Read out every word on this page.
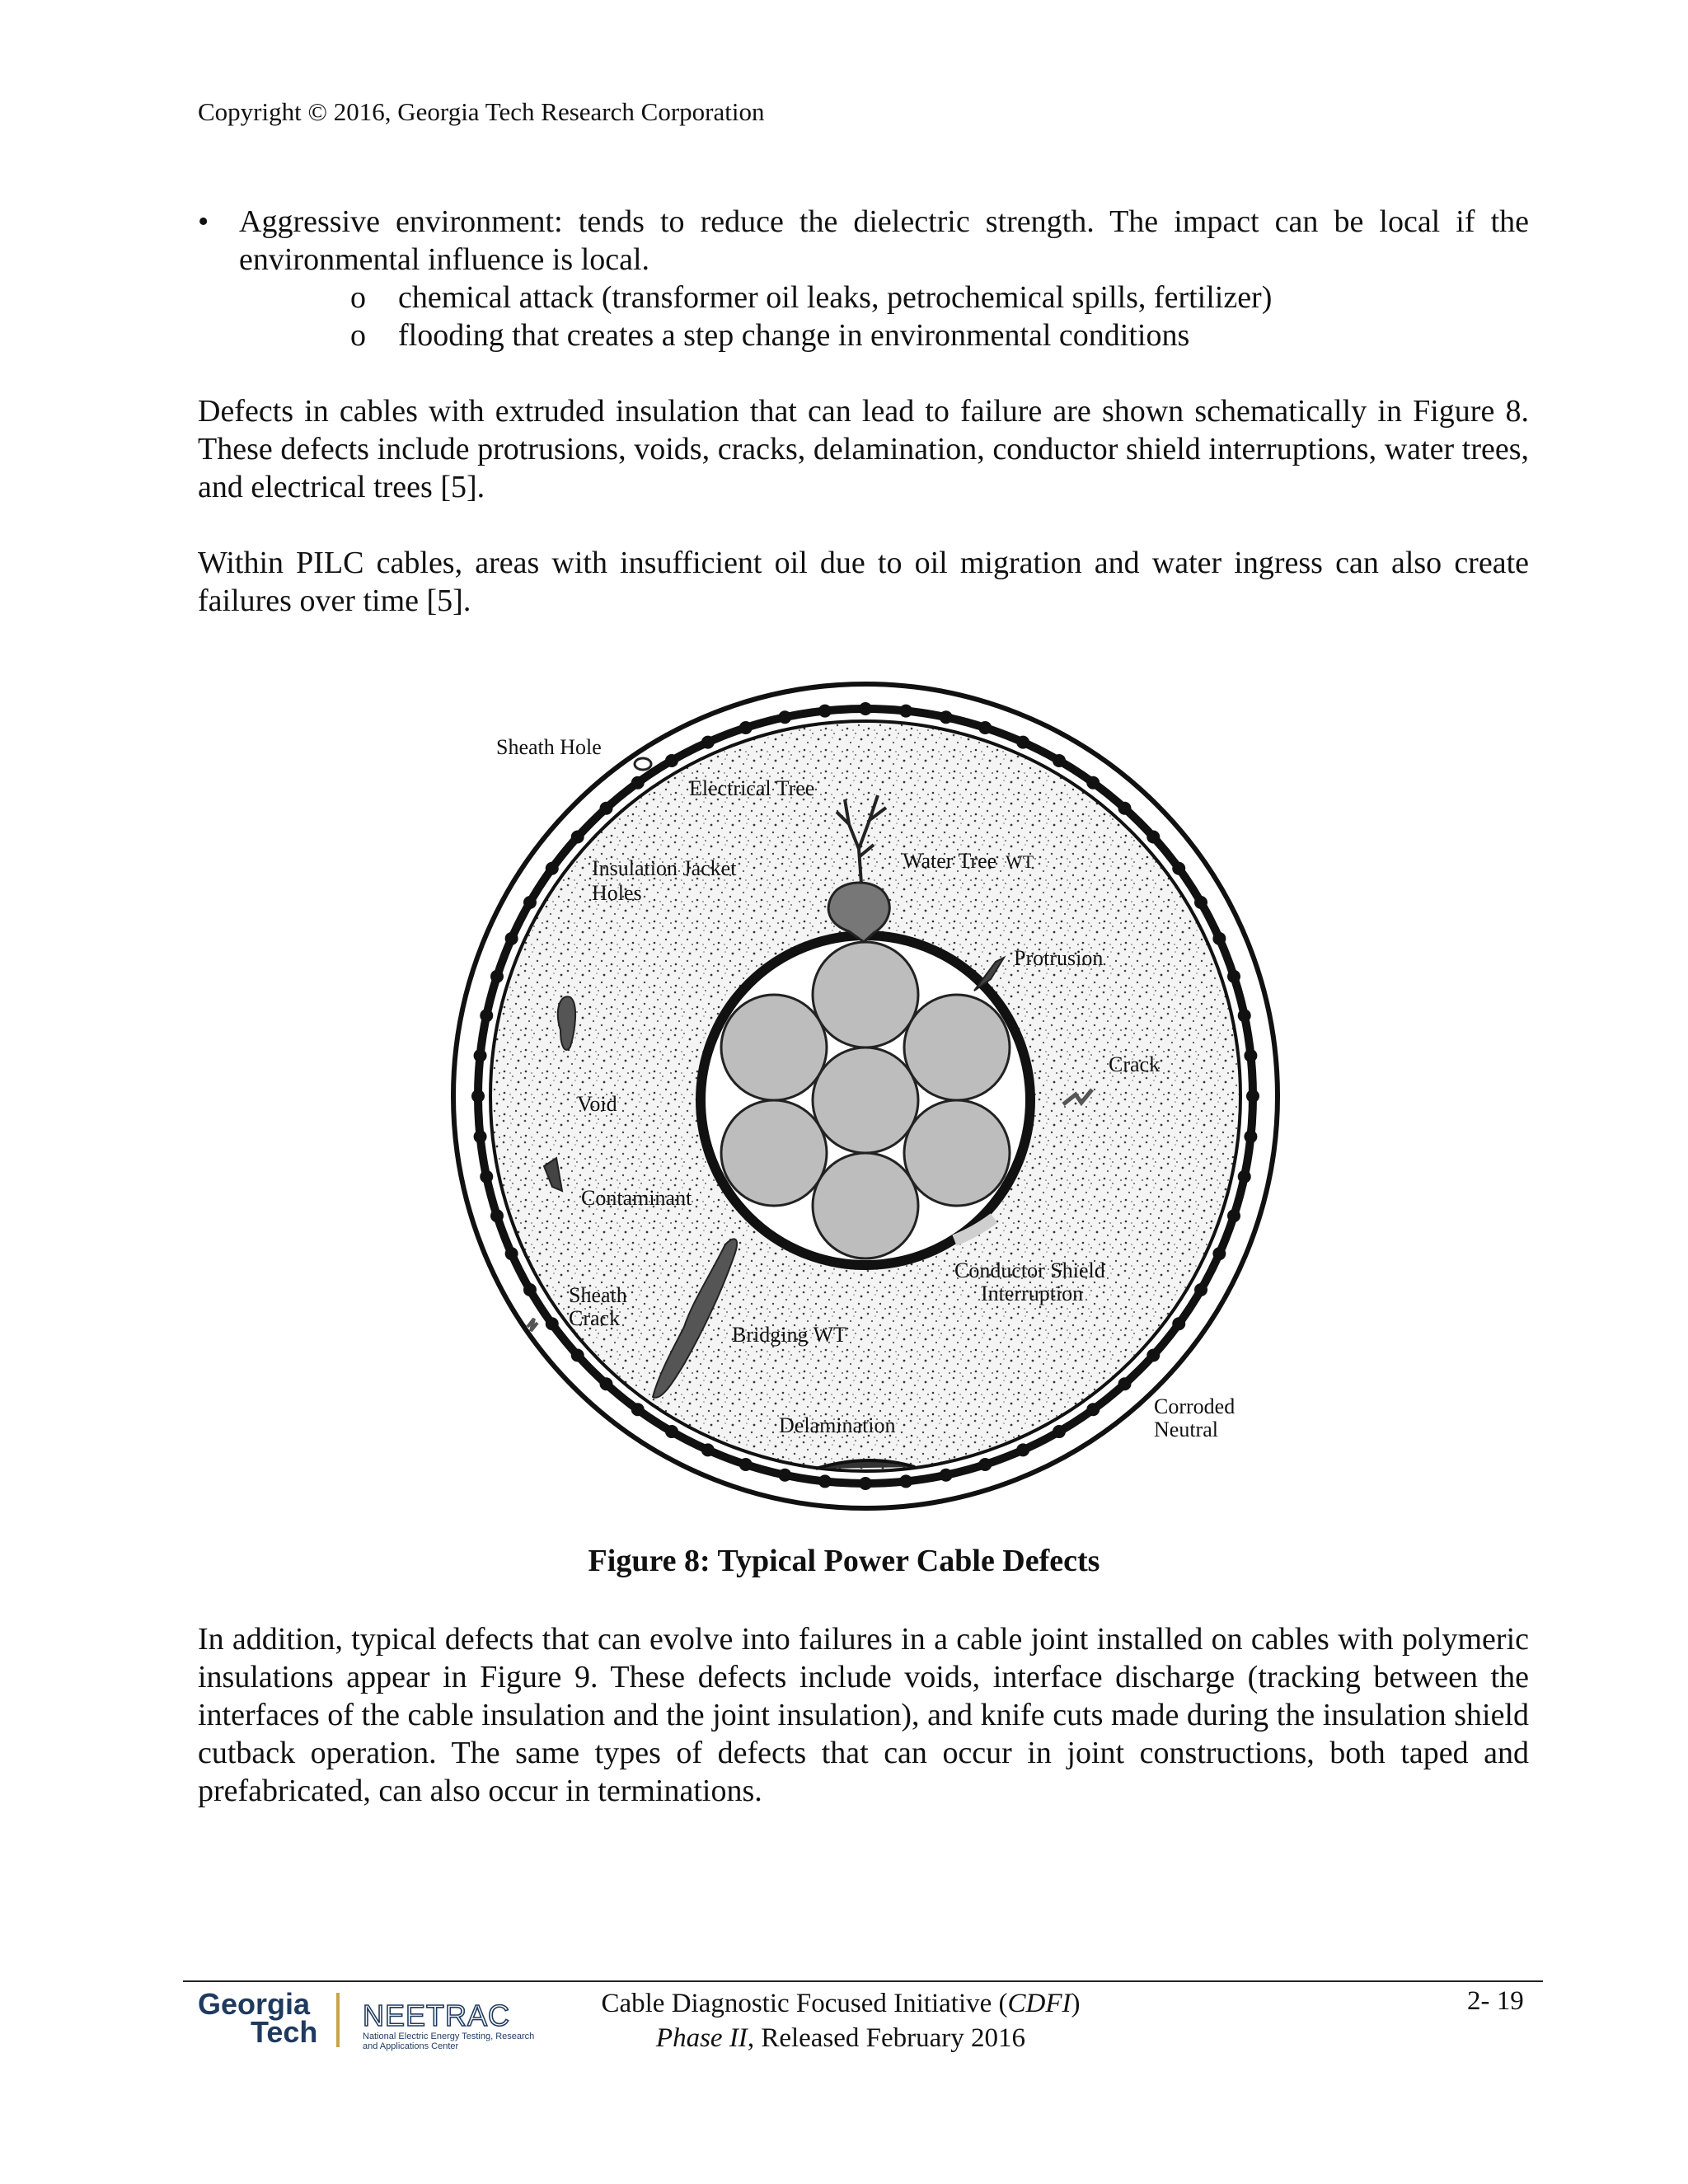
Copyright © 2016, Georgia Tech Research Corporation
• Aggressive environment: tends to reduce the dielectric strength. The impact can be local if the environmental influence is local.
o chemical attack (transformer oil leaks, petrochemical spills, fertilizer)
o flooding that creates a step change in environmental conditions
Defects in cables with extruded insulation that can lead to failure are shown schematically in Figure 8. These defects include protrusions, voids, cracks, delamination, conductor shield interruptions, water trees, and electrical trees [5].
Within PILC cables, areas with insufficient oil due to oil migration and water ingress can also create failures over time [5].
Sheath Hole
Electrical Tree
Insulation Jacket
Holes
Water Tree WT
Protrusion
Crack
Void
Contaminant
Sheath
Crack
Conductor Shield
Interruption
Bridging WT
Delamination
Corroded
Neutral
Figure 8: Typical Power Cable Defects
In addition, typical defects that can evolve into failures in a cable joint installed on cables with polymeric insulations appear in Figure 9. These defects include voids, interface discharge (tracking between the interfaces of the cable insulation and the joint insulation), and knife cuts made during the insulation shield cutback operation. The same types of defects that can occur in joint constructions, both taped and prefabricated, can also occur in terminations.
Georgia
Tech NEETRAC
National Electric Energy Testing, Research
and Applications Center
Cable Diagnostic Focused Initiative (CDFI)
Phase II, Released February 2016
2- 19
